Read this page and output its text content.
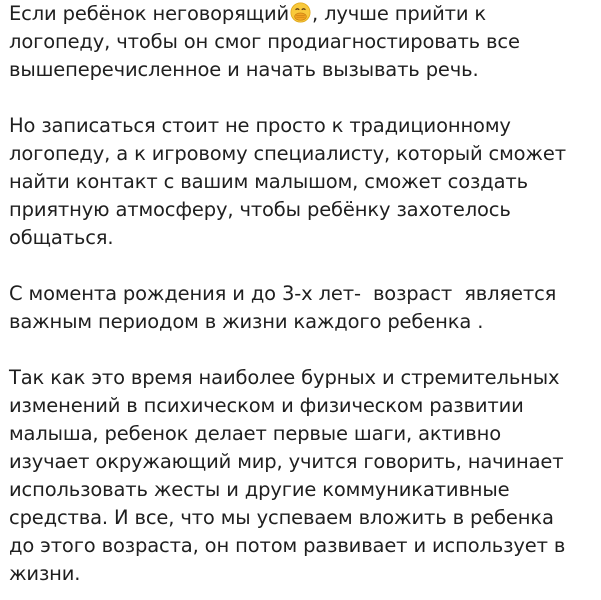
Если ребёнок неговорящий , лучше прийти к
логопеду, чтобы он смог продиагностировать все
вышеперечисленное и начать вызывать речь.
Но записаться стоит не просто к традиционному
логопеду, а к игровому специалисту, который сможет
найти контакт с вашим малышом, сможет создать
приятную атмосферу, чтобы ребёнку захотелось
общаться.
С момента рождения и до 3-х лет-  возраст  является
важным периодом в жизни каждого ребенка .
Так как это время наиболее бурных и стремительных
изменений в психическом и физическом развитии
малыша, ребенок делает первые шаги, активно
изучает окружающий мир, учится говорить, начинает
использовать жесты и другие коммуникативные
средства. И все, что мы успеваем вложить в ребенка
до этого возраста, он потом развивает и использует в
жизни.
